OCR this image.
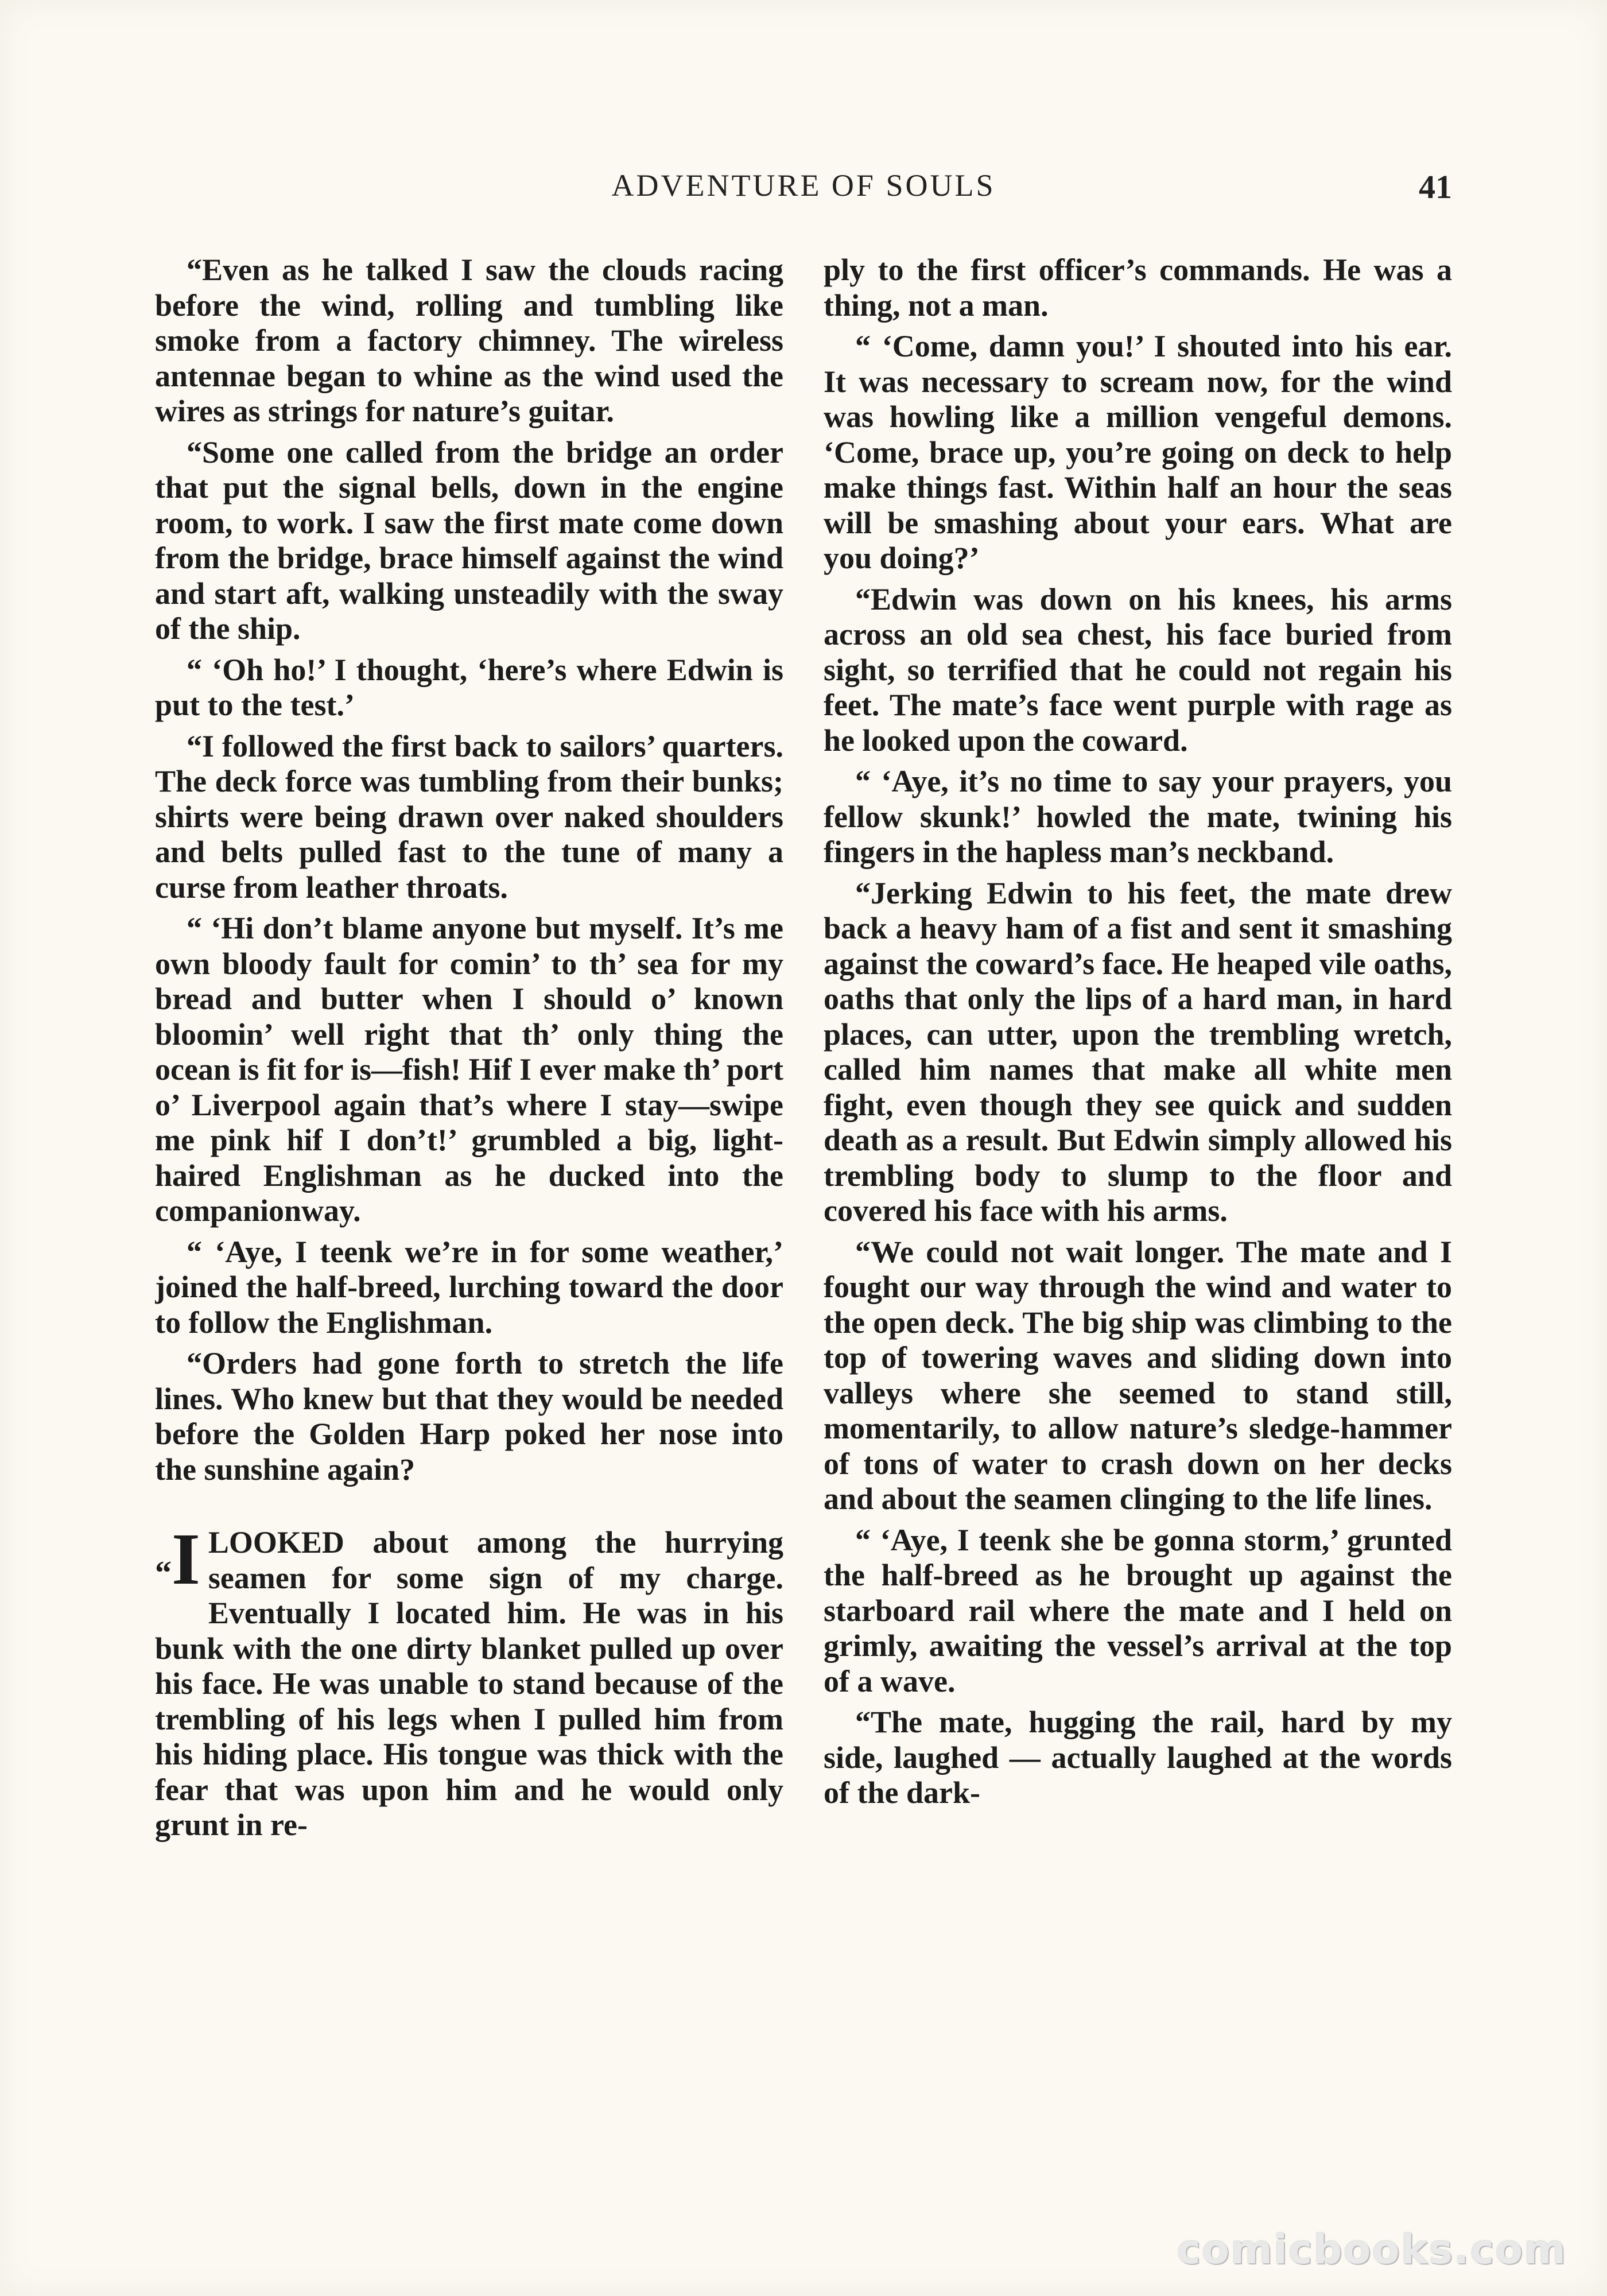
ADVENTURE OF SOULS	41

“Even as he talked I saw the clouds racing before the wind, rolling and tumbling like smoke from a factory chimney. The wireless antennae began to whine as the wind used the wires as strings for nature’s guitar.

“Some one called from the bridge an order that put the signal bells, down in the engine room, to work. I saw the first mate come down from the bridge, brace himself against the wind and start aft, walking unsteadily with the sway of the ship.

“ ‘Oh ho!’ I thought, ‘here’s where Edwin is put to the test.’

“I followed the first back to sailors’ quarters. The deck force was tumbling from their bunks; shirts were being drawn over naked shoulders and belts pulled fast to the tune of many a curse from leather throats.

“ ‘Hi don’t blame anyone but myself. It’s me own bloody fault for comin’ to th’ sea for my bread and butter when I should o’ known bloomin’ well right that th’ only thing the ocean is fit for is—fish! Hif I ever make th’ port o’ Liverpool again that’s where I stay—swipe me pink hif I don’t!’ grumbled a big, light-haired Englishman as he ducked into the companionway.

“ ‘Aye, I teenk we’re in for some weather,’ joined the half-breed, lurching toward the door to follow the Englishman.

“Orders had gone forth to stretch the life lines. Who knew but that they would be needed before the Golden Harp poked her nose into the sunshine again?

“I LOOKED about among the hurrying seamen for some sign of my charge. Eventually I located him. He was in his bunk with the one dirty blanket pulled up over his face. He was unable to stand because of the trembling of his legs when I pulled him from his hiding place. His tongue was thick with the fear that was upon him and he would only grunt in re-

ply to the first officer’s commands. He was a thing, not a man.

“ ‘Come, damn you!’ I shouted into his ear. It was necessary to scream now, for the wind was howling like a million vengeful demons. ‘Come, brace up, you’re going on deck to help make things fast. Within half an hour the seas will be smashing about your ears. What are you doing?’

“Edwin was down on his knees, his arms across an old sea chest, his face buried from sight, so terrified that he could not regain his feet. The mate’s face went purple with rage as he looked upon the coward.

“ ‘Aye, it’s no time to say your prayers, you fellow skunk!’ howled the mate, twining his fingers in the hapless man’s neckband.

“Jerking Edwin to his feet, the mate drew back a heavy ham of a fist and sent it smashing against the coward’s face. He heaped vile oaths, oaths that only the lips of a hard man, in hard places, can utter, upon the trembling wretch, called him names that make all white men fight, even though they see quick and sudden death as a result. But Edwin simply allowed his trembling body to slump to the floor and covered his face with his arms.

“We could not wait longer. The mate and I fought our way through the wind and water to the open deck. The big ship was climbing to the top of towering waves and sliding down into valleys where she seemed to stand still, momentarily, to allow nature’s sledge-hammer of tons of water to crash down on her decks and about the seamen clinging to the life lines.

“ ‘Aye, I teenk she be gonna storm,’ grunted the half-breed as he brought up against the starboard rail where the mate and I held on grimly, awaiting the vessel’s arrival at the top of a wave.

“The mate, hugging the rail, hard by my side, laughed — actually laughed at the words of the dark-

comicbooks.com
